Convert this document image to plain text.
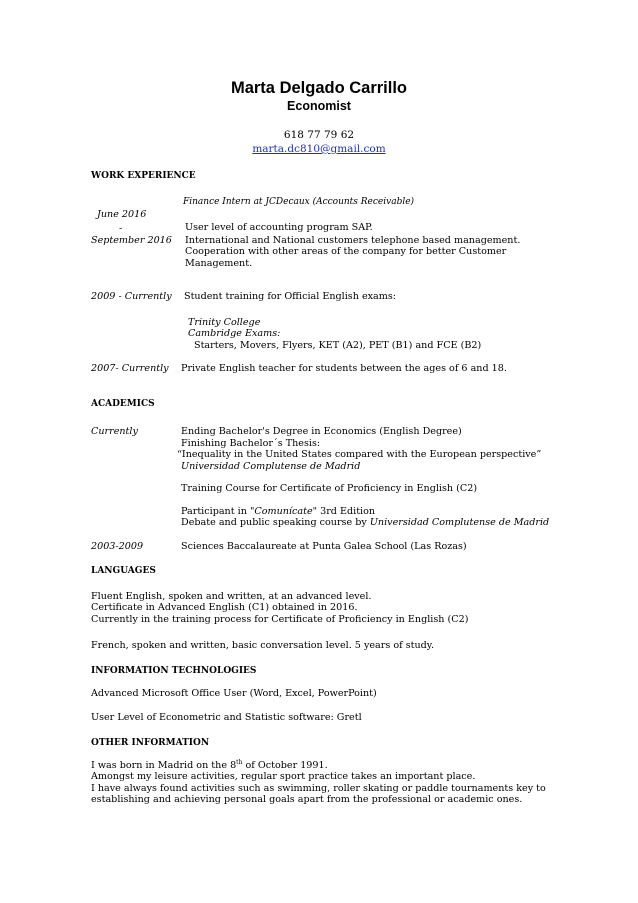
Marta Delgado Carrillo
Economist
618 77 79 62
marta.dc810@gmail.com
WORK EXPERIENCE
Finance Intern at JCDecaux (Accounts Receivable)
June 2016
-
September 2016
User level of accounting program SAP.
International and National customers telephone based management.
Cooperation with other areas of the company for better Customer
Management.
2009 - Currently Student training for Official English exams:
Trinity College
Cambridge Exams:
Starters, Movers, Flyers, KET (A2), PET (B1) and FCE (B2)
2007- Currently Private English teacher for students between the ages of 6 and 18.
ACADEMICS
Currently	Ending Bachelor's Degree in Economics (English Degree)
Finishing Bachelor´s Thesis:
“Inequality in the United States compared with the European perspective”
Universidad Complutense de Madrid
Training Course for Certificate of Proficiency in English (C2)
Participant in "Comunícate" 3rd Edition
Debate and public speaking course by Universidad Complutense de Madrid
2003-2009	Sciences Baccalaureate at Punta Galea School (Las Rozas)
LANGUAGES
Fluent English, spoken and written, at an advanced level.
Certificate in Advanced English (C1) obtained in 2016.
Currently in the training process for Certificate of Proficiency in English (C2)
French, spoken and written, basic conversation level. 5 years of study.
INFORMATION TECHNOLOGIES
Advanced Microsoft Office User (Word, Excel, PowerPoint)
User Level of Econometric and Statistic software: Gretl
OTHER INFORMATION
I was born in Madrid on the 8th of October 1991.
Amongst my leisure activities, regular sport practice takes an important place.
I have always found activities such as swimming, roller skating or paddle tournaments key to
establishing and achieving personal goals apart from the professional or academic ones.
